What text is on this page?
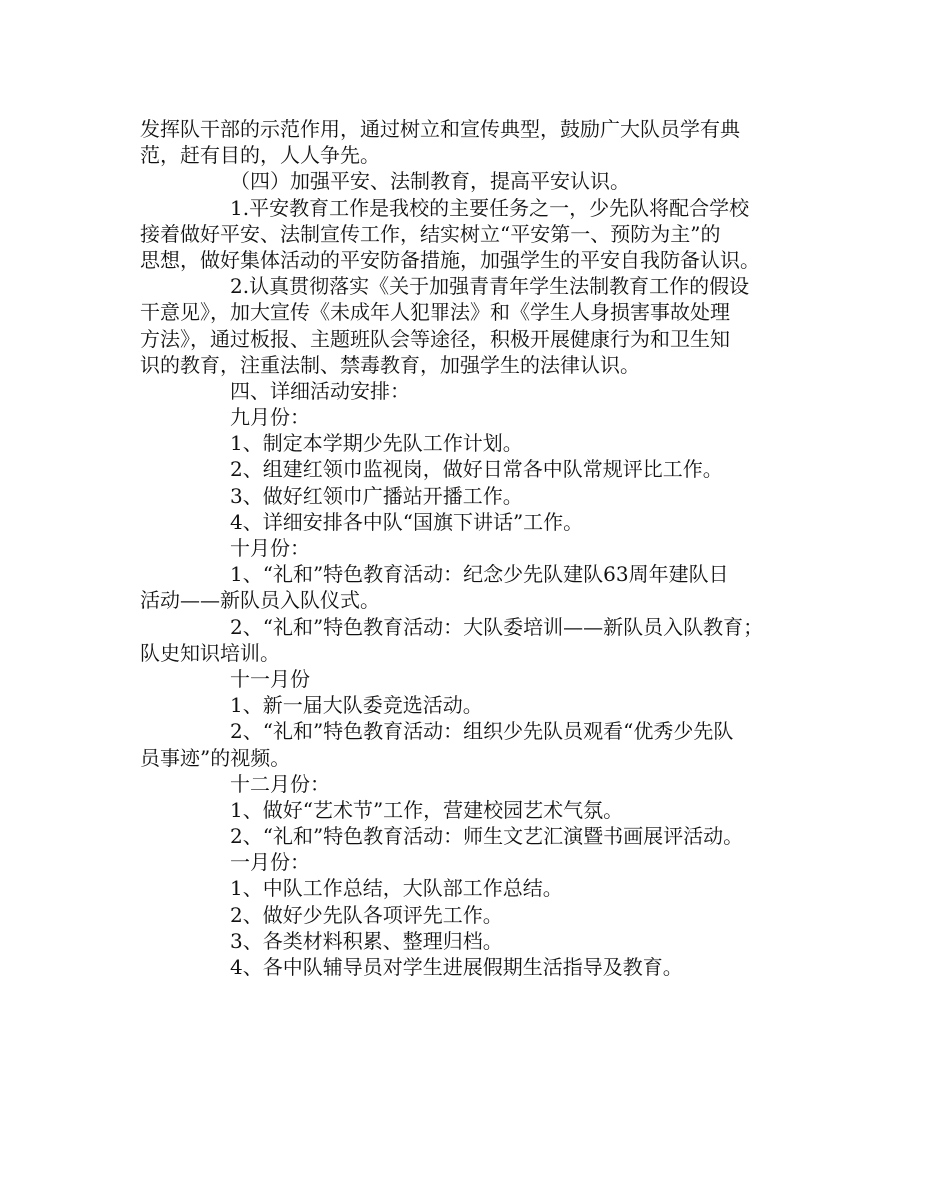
发挥队干部的示范作用，通过树立和宣传典型，鼓励广大队员学有典
范，赶有目的，人人争先。
（四）加强平安、法制教育，提高平安认识。
1.平安教育工作是我校的主要任务之一，少先队将配合学校
接着做好平安、法制宣传工作，结实树立“平安第一、预防为主”的
思想，做好集体活动的平安防备措施，加强学生的平安自我防备认识。
2.认真贯彻落实《关于加强青青年学生法制教育工作的假设
干意见》，加大宣传《未成年人犯罪法》和《学生人身损害事故处理
方法》，通过板报、主题班队会等途径，积极开展健康行为和卫生知
识的教育，注重法制、禁毒教育，加强学生的法律认识。
四、详细活动安排：
九月份：
1、制定本学期少先队工作计划。
2、组建红领巾监视岗，做好日常各中队常规评比工作。
3、做好红领巾广播站开播工作。
4、详细安排各中队“国旗下讲话”工作。
十月份：
1、“礼和”特色教育活动：纪念少先队建队63周年建队日
活动——新队员入队仪式。
2、“礼和”特色教育活动：大队委培训——新队员入队教育；
队史知识培训。
十一月份
1、新一届大队委竞选活动。
2、“礼和”特色教育活动：组织少先队员观看“优秀少先队
员事迹”的视频。
十二月份：
1、做好“艺术节”工作，营建校园艺术气氛。
2、“礼和”特色教育活动：师生文艺汇演暨书画展评活动。
一月份：
1、中队工作总结，大队部工作总结。
2、做好少先队各项评先工作。
3、各类材料积累、整理归档。
4、各中队辅导员对学生进展假期生活指导及教育。
